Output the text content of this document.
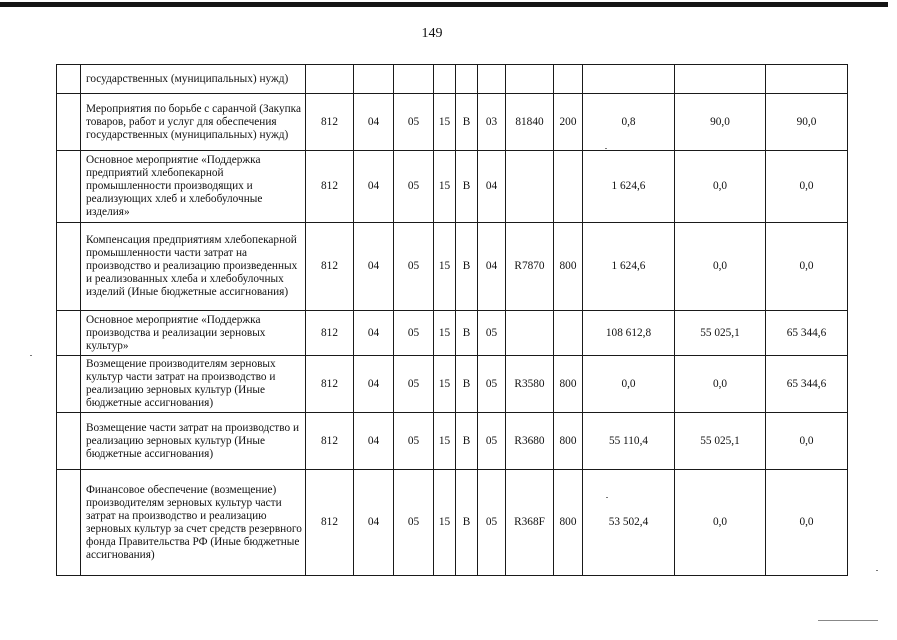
149
	государственных (муниципальных) нужд)											
	Мероприятия по борьбе с саранчой (Закупка товаров, работ и услуг для обеспечения государственных (муниципальных) нужд)	812	04	05	15	В	03	81840	200	0,8	90,0	90,0
	Основное мероприятие «Поддержка предприятий хлебопекарной промышленности производящих и реализующих хлеб и хлебобулочные изделия»	812	04	05	15	В	04			1 624,6	0,0	0,0
	Компенсация предприятиям хлебопекарной промышленности части затрат на производство и реализацию произведенных и реализованных хлеба и хлебобулочных изделий (Иные бюджетные ассигнования)	812	04	05	15	В	04	R7870	800	1 624,6	0,0	0,0
	Основное мероприятие «Поддержка производства и реализации зерновых культур»	812	04	05	15	В	05			108 612,8	55 025,1	65 344,6
	Возмещение производителям зерновых культур части затрат на производство и реализацию зерновых культур (Иные бюджетные ассигнования)	812	04	05	15	В	05	R3580	800	0,0	0,0	65 344,6
	Возмещение части затрат на производство и реализацию зерновых культур (Иные бюджетные ассигнования)	812	04	05	15	В	05	R3680	800	55 110,4	55 025,1	0,0
	Финансовое обеспечение (возмещение) производителям зерновых культур части затрат на производство и реализацию зерновых культур за счет средств резервного фонда Правительства РФ (Иные бюджетные ассигнования)	812	04	05	15	В	05	R368F	800	53 502,4	0,0	0,0
